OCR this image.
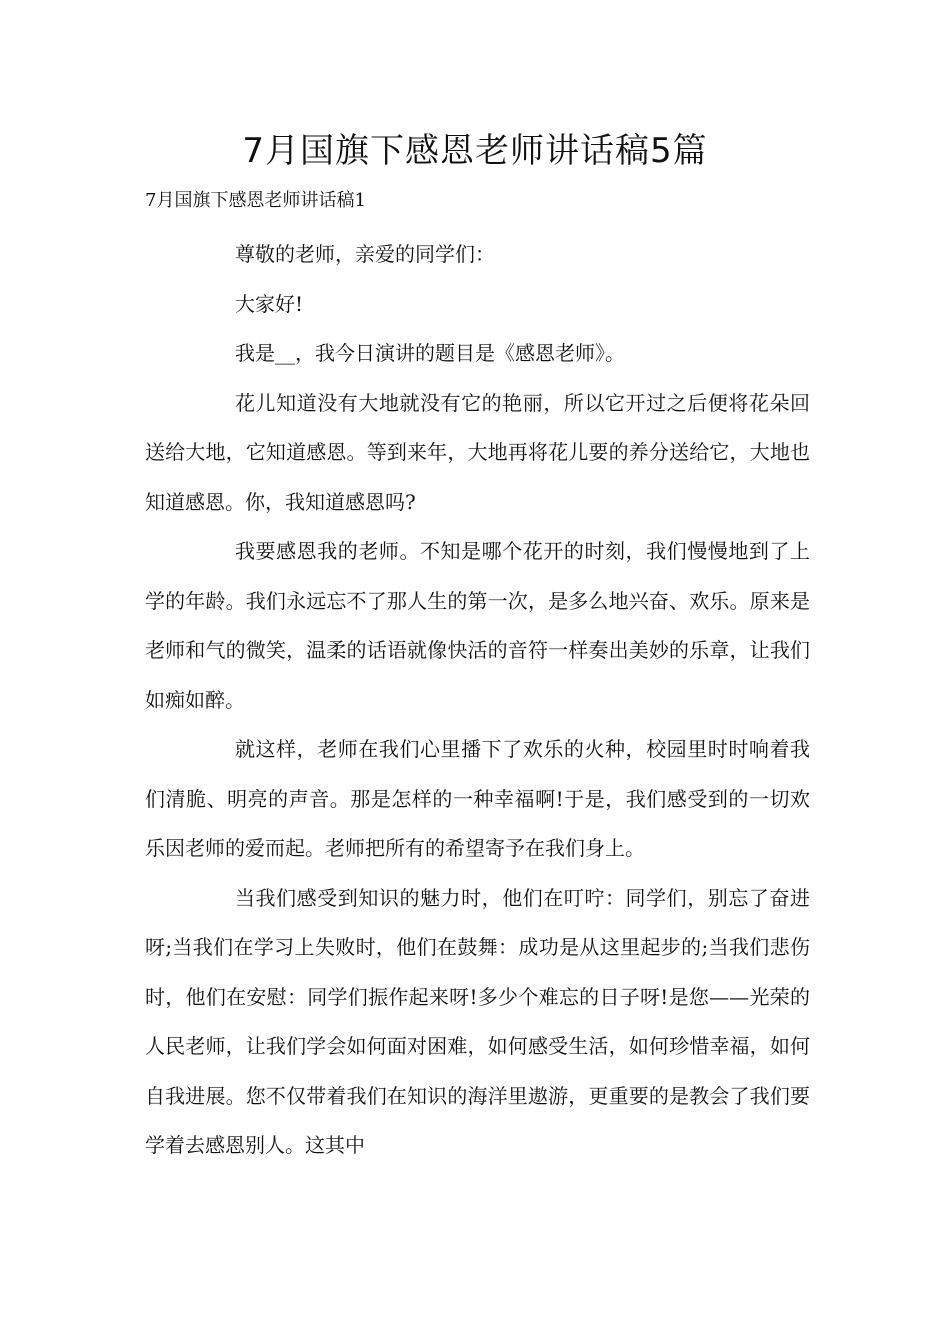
7月国旗下感恩老师讲话稿5篇

7月国旗下感恩老师讲话稿1

尊敬的老师，亲爱的同学们：

大家好!

我是__，我今日演讲的题目是《感恩老师》。

花儿知道没有大地就没有它的艳丽，所以它开过之后便将花朵回送给大地，它知道感恩。等到来年，大地再将花儿要的养分送给它，大地也知道感恩。你，我知道感恩吗?

我要感恩我的老师。不知是哪个花开的时刻，我们慢慢地到了上学的年龄。我们永远忘不了那人生的第一次，是多么地兴奋、欢乐。原来是老师和气的微笑，温柔的话语就像快活的音符一样奏出美妙的乐章，让我们如痴如醉。

就这样，老师在我们心里播下了欢乐的火种，校园里时时响着我们清脆、明亮的声音。那是怎样的一种幸福啊!于是，我们感受到的一切欢乐因老师的爱而起。老师把所有的希望寄予在我们身上。

当我们感受到知识的魅力时，他们在叮咛：同学们，别忘了奋进呀;当我们在学习上失败时，他们在鼓舞：成功是从这里起步的;当我们悲伤时，他们在安慰：同学们振作起来呀!多少个难忘的日子呀!是您——光荣的人民老师，让我们学会如何面对困难，如何感受生活，如何珍惜幸福，如何自我进展。您不仅带着我们在知识的海洋里遨游，更重要的是教会了我们要学着去感恩别人。这其中
